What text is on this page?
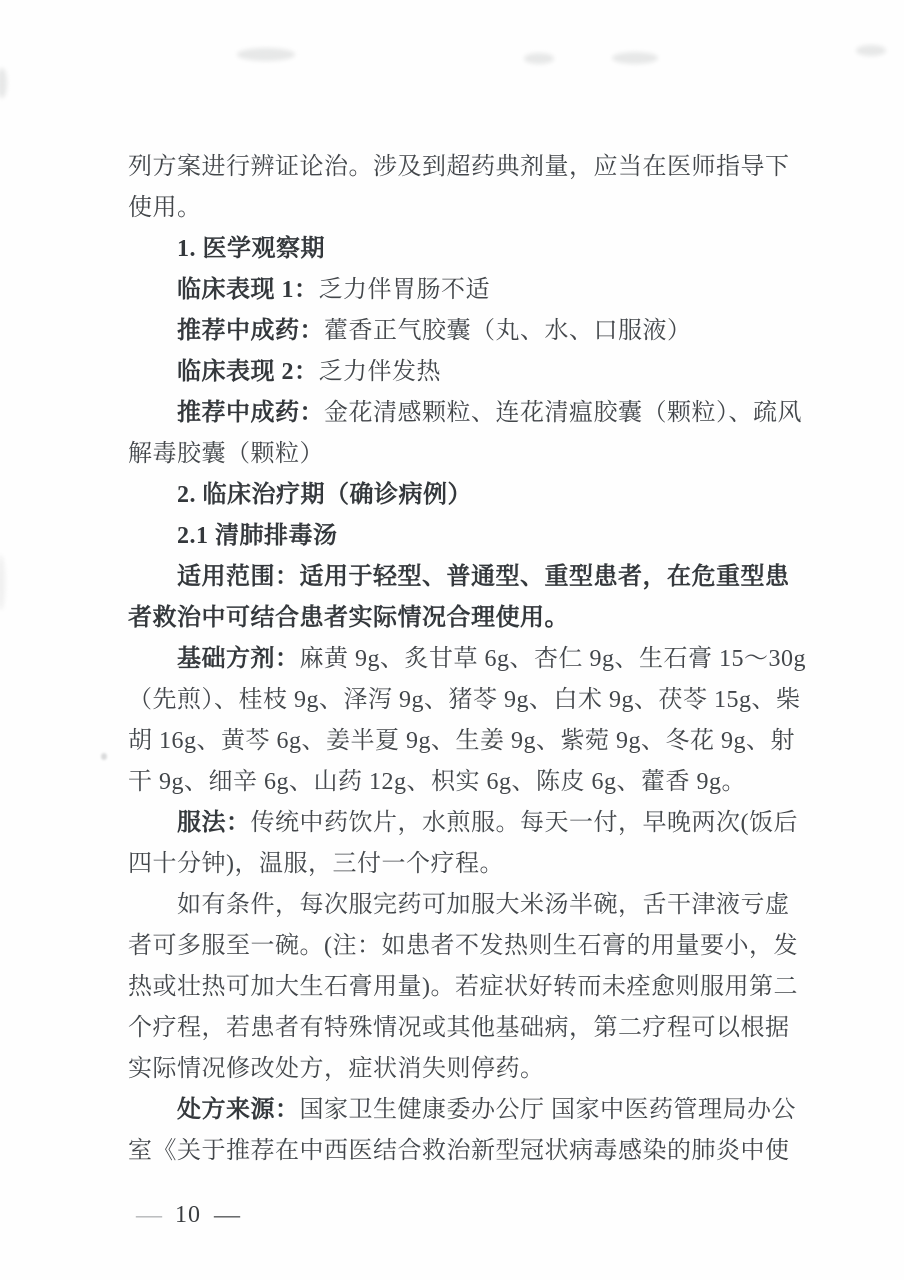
列方案进行辨证论治。涉及到超药典剂量，应当在医师指导下
使用。
1. 医学观察期
临床表现 1：乏力伴胃肠不适
推荐中成药：藿香正气胶囊（丸、水、口服液）
临床表现 2：乏力伴发热
推荐中成药：金花清感颗粒、连花清瘟胶囊（颗粒）、疏风
解毒胶囊（颗粒）
2. 临床治疗期（确诊病例）
2.1 清肺排毒汤
适用范围：适用于轻型、普通型、重型患者，在危重型患
者救治中可结合患者实际情况合理使用。
基础方剂：麻黄 9g、炙甘草 6g、杏仁 9g、生石膏 15～30g
（先煎）、桂枝 9g、泽泻 9g、猪苓 9g、白术 9g、茯苓 15g、柴
胡 16g、黄芩 6g、姜半夏 9g、生姜 9g、紫菀 9g、冬花 9g、射
干 9g、细辛 6g、山药 12g、枳实 6g、陈皮 6g、藿香 9g。
服法：传统中药饮片，水煎服。每天一付，早晚两次(饭后
四十分钟)，温服，三付一个疗程。
如有条件，每次服完药可加服大米汤半碗，舌干津液亏虚
者可多服至一碗。(注：如患者不发热则生石膏的用量要小，发
热或壮热可加大生石膏用量)。若症状好转而未痊愈则服用第二
个疗程，若患者有特殊情况或其他基础病，第二疗程可以根据
实际情况修改处方，症状消失则停药。
处方来源：国家卫生健康委办公厅 国家中医药管理局办公
室《关于推荐在中西医结合救治新型冠状病毒感染的肺炎中使
— 10 —
